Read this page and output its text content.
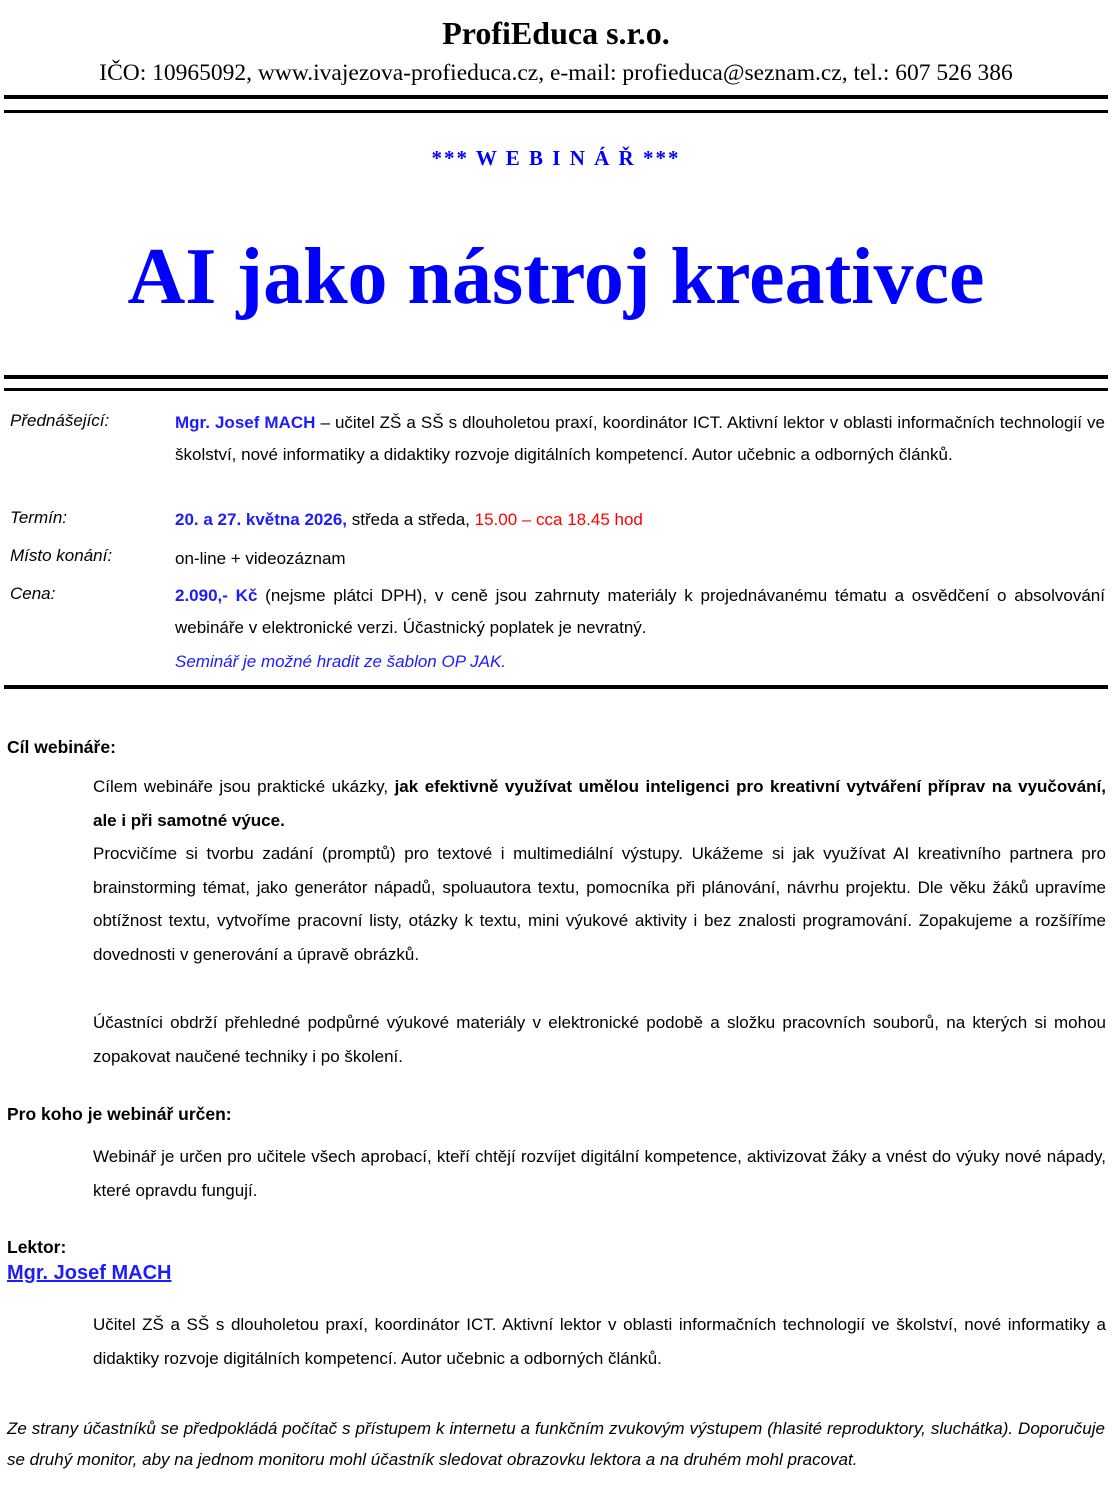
ProfiEduca s.r.o.
IČO: 10965092, www.ivajezova-profieduca.cz, e-mail: profieduca@seznam.cz, tel.: 607 526 386
*** W E B I N Á Ř ***
AI jako nástroj kreativce
Přednášející:	Mgr. Josef MACH – učitel ZŠ a SŠ s dlouholetou praxí, koordinátor ICT. Aktivní lektor v oblasti informačních technologií ve školství, nové informatiky a didaktiky rozvoje digitálních kompetencí. Autor učebnic a odborných článků.
Termín:	20. a 27. května 2026, středa a středa, 15.00 – cca 18.45 hod
Místo konání:	on-line + videozáznam
Cena:	2.090,- Kč (nejsme plátci DPH), v ceně jsou zahrnuty materiály k projednávanému tématu a osvědčení o absolvování webináře v elektronické verzi. Účastnický poplatek je nevratný.
Seminář je možné hradit ze šablon OP JAK.
Cíl webináře:
Cílem webináře jsou praktické ukázky, jak efektivně využívat umělou inteligenci pro kreativní vytváření příprav na vyučování, ale i při samotné výuce.
Procvičíme si tvorbu zadání (promptů) pro textové i multimediální výstupy. Ukážeme si jak využívat AI kreativního partnera pro brainstorming témat, jako generátor nápadů, spoluautora textu, pomocníka při plánování, návrhu projektu. Dle věku žáků upravíme obtížnost textu, vytvoříme pracovní listy, otázky k textu, mini výukové aktivity i bez znalosti programování. Zopakujeme a rozšíříme dovednosti v generování a úpravě obrázků.
Účastníci obdrží přehledné podpůrné výukové materiály v elektronické podobě a složku pracovních souborů, na kterých si mohou zopakovat naučené techniky i po školení.
Pro koho je webinář určen:
Webinář je určen pro učitele všech aprobací, kteří chtějí rozvíjet digitální kompetence, aktivizovat žáky a vnést do výuky nové nápady, které opravdu fungují.
Lektor:
Mgr. Josef MACH
Učitel ZŠ a SŠ s dlouholetou praxí, koordinátor ICT. Aktivní lektor v oblasti informačních technologií ve školství, nové informatiky a didaktiky rozvoje digitálních kompetencí. Autor učebnic a odborných článků.
Ze strany účastníků se předpokládá počítač s přístupem k internetu a funkčním zvukovým výstupem (hlasité reproduktory, sluchátka). Doporučuje se druhý monitor, aby na jednom monitoru mohl účastník sledovat obrazovku lektora a na druhém mohl pracovat.
